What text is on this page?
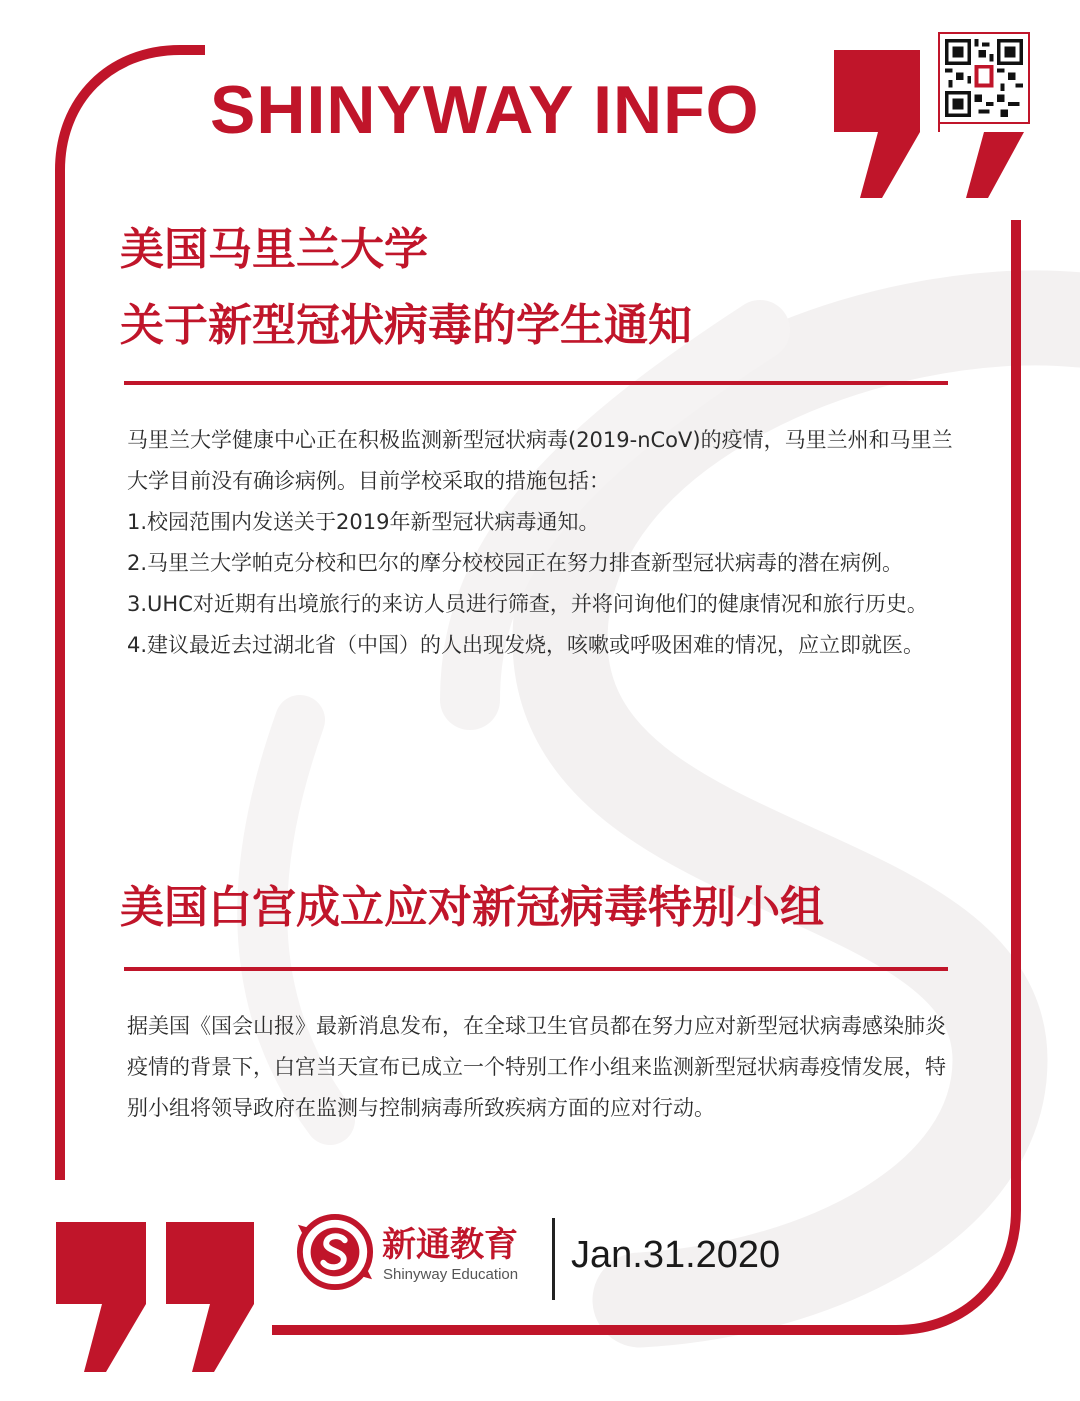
SHINYWAY INFO
美国马里兰大学
关于新型冠状病毒的学生通知

马里兰大学健康中心正在积极监测新型冠状病毒(2019-nCoV)的疫情，马里兰州和马里兰大学目前没有确诊病例。目前学校采取的措施包括：

1.校园范围内发送关于2019年新型冠状病毒通知。

2.马里兰大学帕克分校和巴尔的摩分校校园正在努力排查新型冠状病毒的潜在病例。

3.UHC对近期有出境旅行的来访人员进行筛查，并将问询他们的健康情况和旅行历史。

4.建议最近去过湖北省（中国）的人出现发烧，咳嗽或呼吸困难的情况，应立即就医。

美国白宫成立应对新冠病毒特别小组

据美国《国会山报》最新消息发布，在全球卫生官员都在努力应对新型冠状病毒感染肺炎疫情的背景下，白宫当天宣布已成立一个特别工作小组来监测新型冠状病毒疫情发展，特别小组将领导政府在监测与控制病毒所致疾病方面的应对行动。

新通教育
Shinyway Education Jan.31.2020
